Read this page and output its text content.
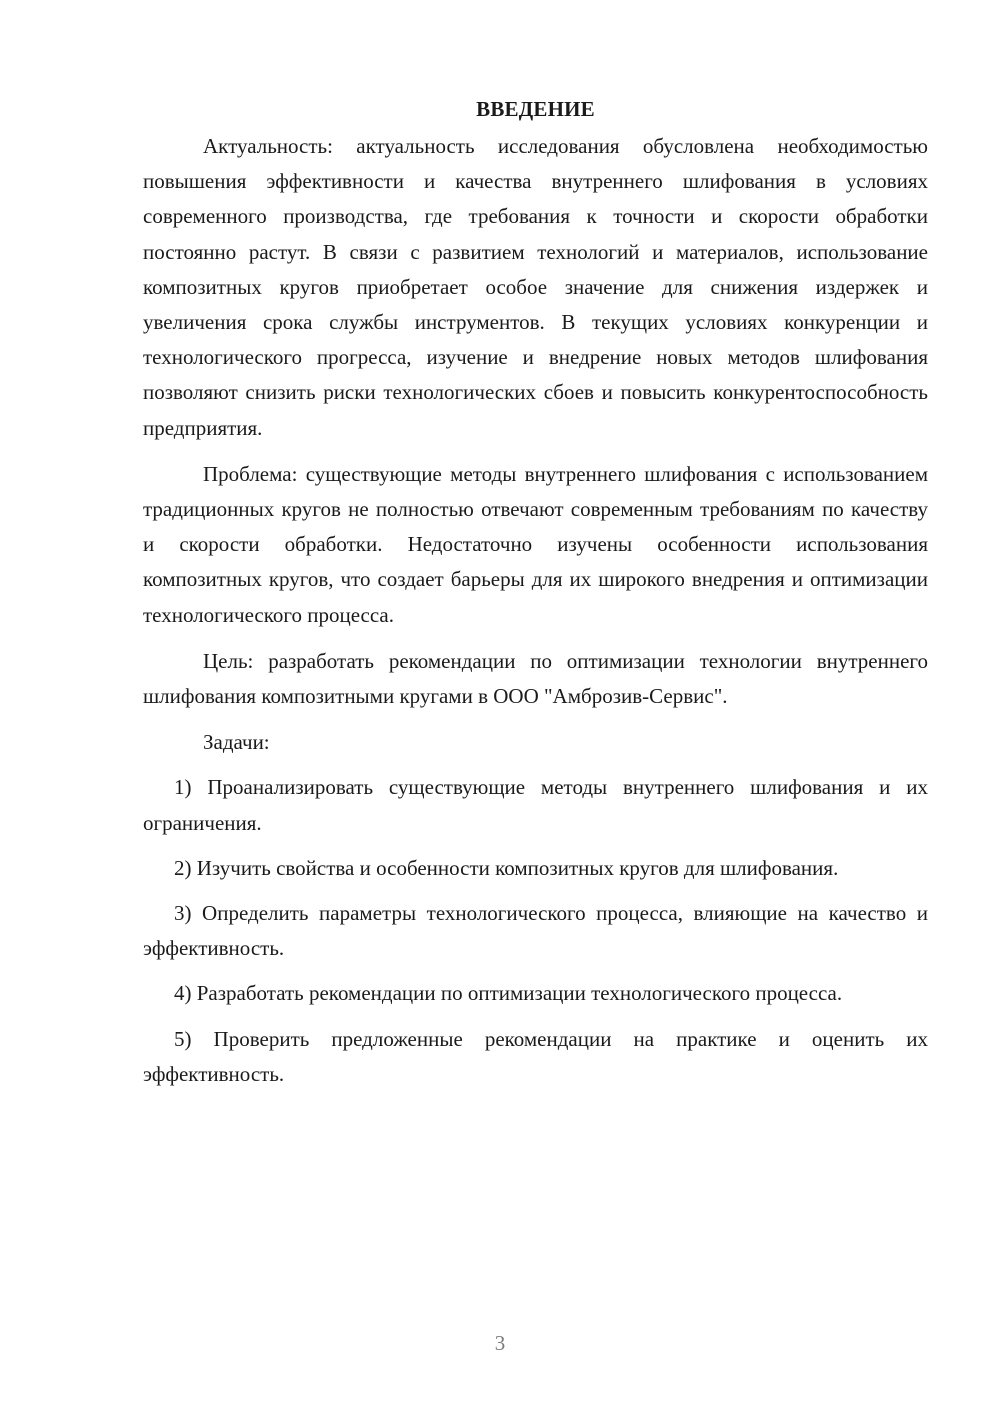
ВВЕДЕНИЕ

Актуальность: актуальность исследования обусловлена необходимостью повышения эффективности и качества внутреннего шлифования в условиях современного производства, где требования к точности и скорости обработки постоянно растут. В связи с развитием технологий и материалов, использование композитных кругов приобретает особое значение для снижения издержек и увеличения срока службы инструментов. В текущих условиях конкуренции и технологического прогресса, изучение и внедрение новых методов шлифования позволяют снизить риски технологических сбоев и повысить конкурентоспособность предприятия.

Проблема: существующие методы внутреннего шлифования с использованием традиционных кругов не полностью отвечают современным требованиям по качеству и скорости обработки. Недостаточно изучены особенности использования композитных кругов, что создает барьеры для их широкого внедрения и оптимизации технологического процесса.

Цель: разработать рекомендации по оптимизации технологии внутреннего шлифования композитными кругами в ООО "Амброзив-Сервис".

Задачи:

1) Проанализировать существующие методы внутреннего шлифования и их ограничения.

2) Изучить свойства и особенности композитных кругов для шлифования.

3) Определить параметры технологического процесса, влияющие на качество и эффективность.

4) Разработать рекомендации по оптимизации технологического процесса.

5) Проверить предложенные рекомендации на практике и оценить их эффективность.

3
